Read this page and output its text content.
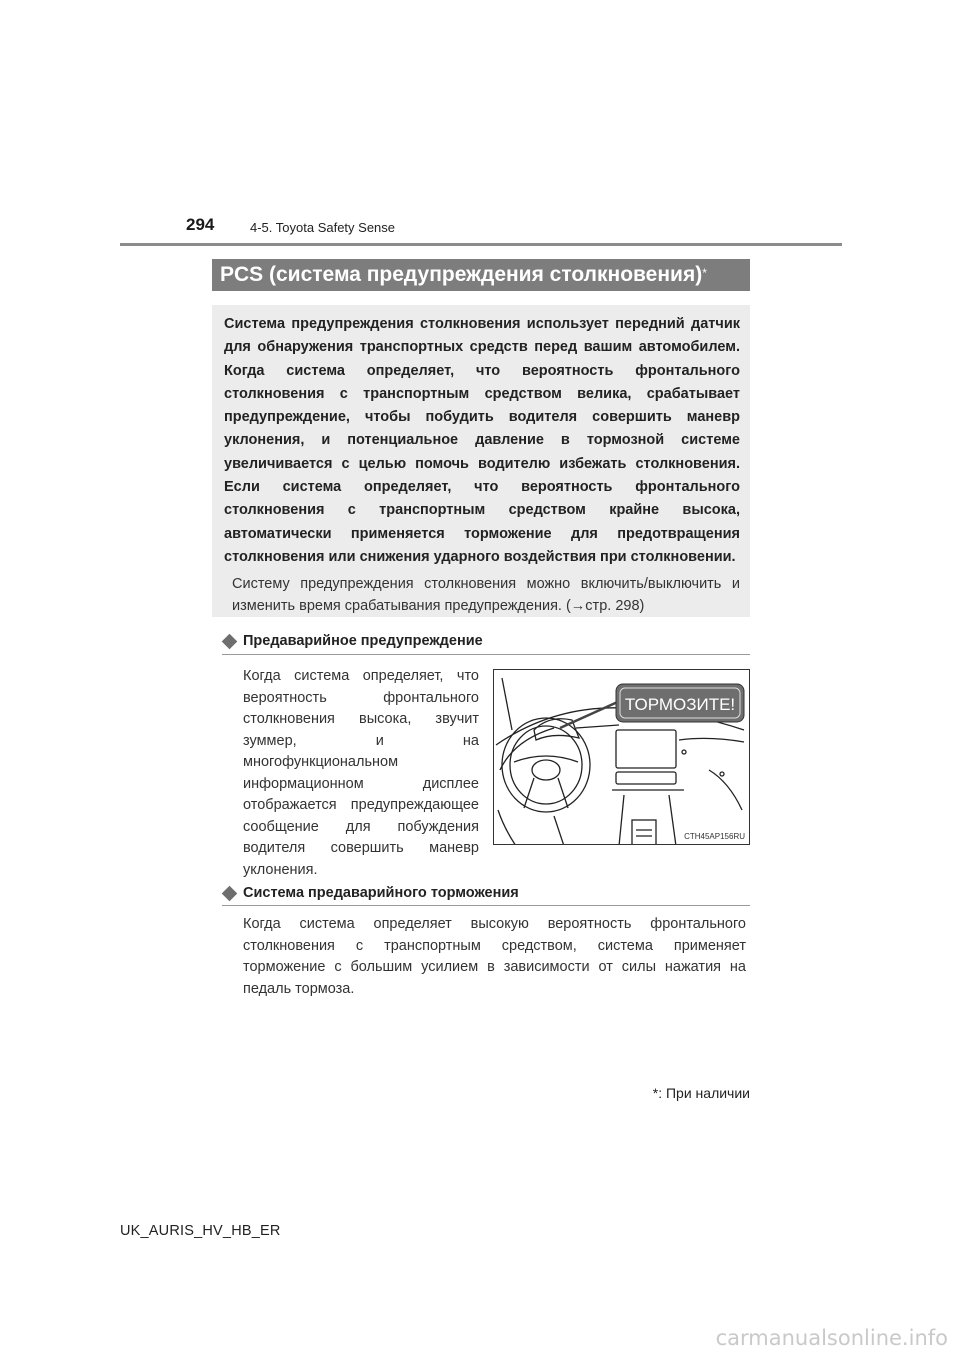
294	4-5. Toyota Safety Sense
PCS (система предупреждения столкновения)*

Система предупреждения столкновения использует передний датчик для обнаружения транспортных средств перед вашим автомобилем. Когда система определяет, что вероятность фронтального столкновения с транспортным средством велика, срабатывает предупреждение, чтобы побудить водителя совершить маневр уклонения, и потенциальное давление в тормозной системе увеличивается с целью помочь водителю избежать столкновения. Если система определяет, что вероятность фронтального столкновения с транспортным средством крайне высока, автоматически применяется торможение для предотвращения столкновения или снижения ударного воздействия при столкновении.

Систему предупреждения столкновения можно включить/выключить и изменить время срабатывания предупреждения. (→стр. 298)

Предаварийное предупреждение

Когда система определяет, что вероятность фронтального столкновения высока, звучит зуммер, и на многофункциональном информационном дисплее отображается предупреждающее сообщение для побуждения водителя совершить маневр уклонения.

ТОРМОЗИТЕ!
CTH45AP156RU
Система предаварийного торможения

Когда система определяет высокую вероятность фронтального столкновения с транспортным средством, система применяет торможение с большим усилием в зависимости от силы нажатия на педаль тормоза.

*: При наличии
UK_AURIS_HV_HB_ER
carmanualsonline.info
